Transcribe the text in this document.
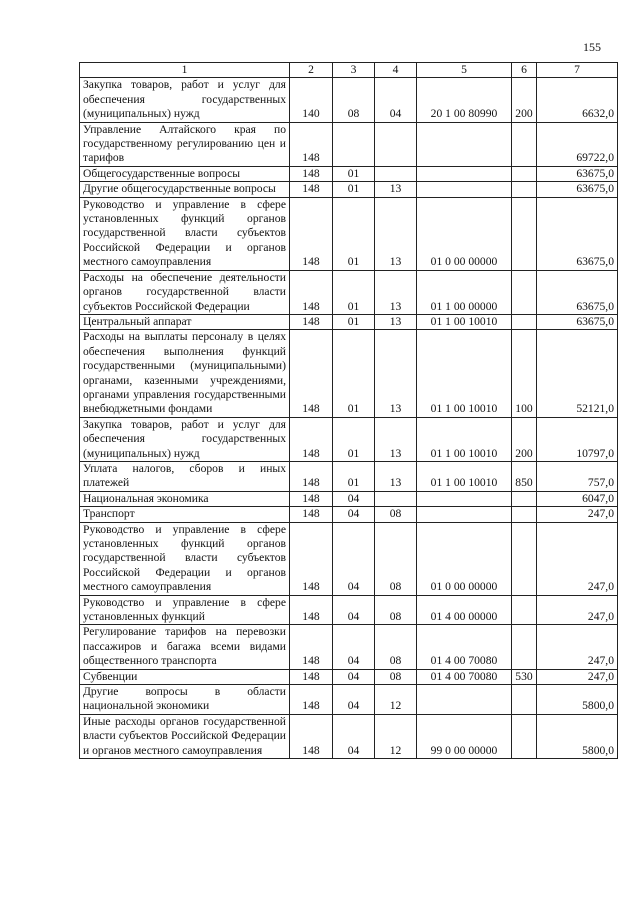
155
1	2	3	4	5	6	7
Закупка товаров, работ и услуг для обеспечения государственных (муниципальных) нужд	140	08	04	20 1 00 80990	200	6632,0
Управление Алтайского края по государственному регулированию цен и тарифов	148					69722,0
Общегосударственные вопросы	148	01				63675,0
Другие общегосударственные вопросы	148	01	13			63675,0
Руководство и управление в сфере установленных функций органов государственной власти субъектов Российской Федерации и органов местного самоуправления	148	01	13	01 0 00 00000		63675,0
Расходы на обеспечение деятельности органов государственной власти субъектов Российской Федерации	148	01	13	01 1 00 00000		63675,0
Центральный аппарат	148	01	13	01 1 00 10010		63675,0
Расходы на выплаты персоналу в целях обеспечения выполнения функций государственными (муниципальными) органами, казенными учреждениями, органами управления государственными внебюджетными фондами	148	01	13	01 1 00 10010	100	52121,0
Закупка товаров, работ и услуг для обеспечения государственных (муниципальных) нужд	148	01	13	01 1 00 10010	200	10797,0
Уплата налогов, сборов и иных платежей	148	01	13	01 1 00 10010	850	757,0
Национальная экономика	148	04				6047,0
Транспорт	148	04	08			247,0
Руководство и управление в сфере установленных функций органов государственной власти субъектов Российской Федерации и органов местного самоуправления	148	04	08	01 0 00 00000		247,0
Руководство и управление в сфере установленных функций	148	04	08	01 4 00 00000		247,0
Регулирование тарифов на перевозки пассажиров и багажа всеми видами общественного транспорта	148	04	08	01 4 00 70080		247,0
Субвенции	148	04	08	01 4 00 70080	530	247,0
Другие вопросы в области национальной экономики	148	04	12			5800,0
Иные расходы органов государственной власти субъектов Российской Федерации и органов местного самоуправления	148	04	12	99 0 00 00000		5800,0
